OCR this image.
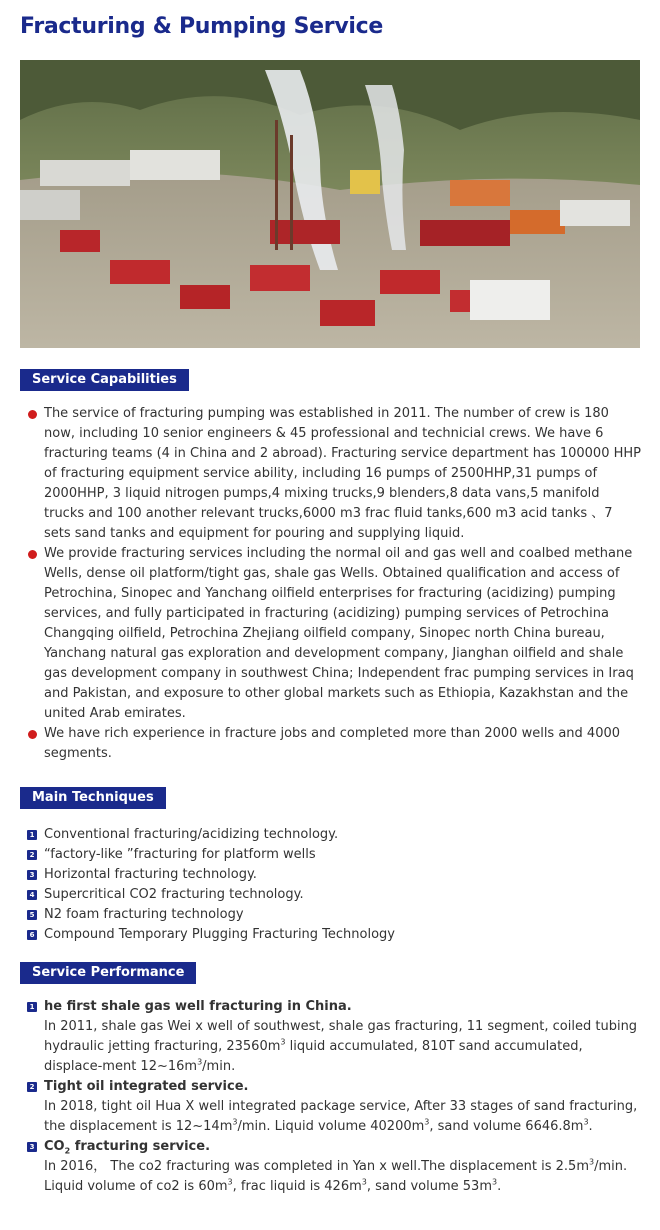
Fracturing & Pumping Service
Service Capabilities
The service of fracturing pumping was established in 2011. The number of crew is 180 now, including 10 senior engineers & 45 professional and technicial crews. We have 6 fracturing teams (4 in China and 2 abroad). Fracturing service department has 100000 HHP of fracturing equipment service ability, including 16 pumps of 2500HHP,31 pumps of 2000HHP, 3 liquid nitrogen pumps,4 mixing trucks,9 blenders,8 data vans,5 manifold trucks and 100 another relevant trucks,6000 m3 frac fluid tanks,600 m3 acid tanks 、7 sets sand tanks and equipment for pouring and supplying liquid.
We provide fracturing services including the normal oil and gas well and coalbed methane Wells, dense oil platform/tight gas, shale gas Wells. Obtained qualification and access of Petrochina, Sinopec and Yanchang oilfield enterprises for fracturing (acidizing) pumping services, and fully participated in fracturing (acidizing) pumping services of Petrochina Changqing oilfield, Petrochina Zhejiang oilfield company, Sinopec north China bureau, Yanchang natural gas exploration and development company, Jianghan oilfield and shale gas development company in southwest China; Independent frac pumping services in Iraq and Pakistan, and exposure to other global markets such as Ethiopia, Kazakhstan and the united Arab emirates.
We have rich experience in fracture jobs and completed more than 2000 wells and 4000 segments.
Main Techniques
1 Conventional fracturing/acidizing technology.
2 “factory-like ”fracturing for platform wells
3 Horizontal fracturing technology.
4 Supercritical CO2 fracturing technology.
5 N2 foam fracturing technology
6 Compound Temporary Plugging Fracturing Technology
Service Performance
1 he first shale gas well fracturing in China.
In 2011, shale gas Wei x well of southwest, shale gas fracturing, 11 segment, coiled tubing hydraulic jetting fracturing, $23560m^3$ liquid accumulated, 810T sand accumulated, displace-ment $12\sim 16m^3/\min$.
2 Tight oil integrated service.
In 2018, tight oil Hua X well integrated package service, After 33 stages of sand fracturing, the displacement is $12\sim 14m^3/\min$. Liquid volume $40200m^3$, sand volume $6646.8m^3$.
3 $CO_2$ fracturing service.
In 2016， The co2 fracturing was completed in Yan x well.The displacement is $2.5m^3/\min$. Liquid volume of co2 is $60m^3$, frac liquid is $426m^3$, sand volume $53m^3$.
